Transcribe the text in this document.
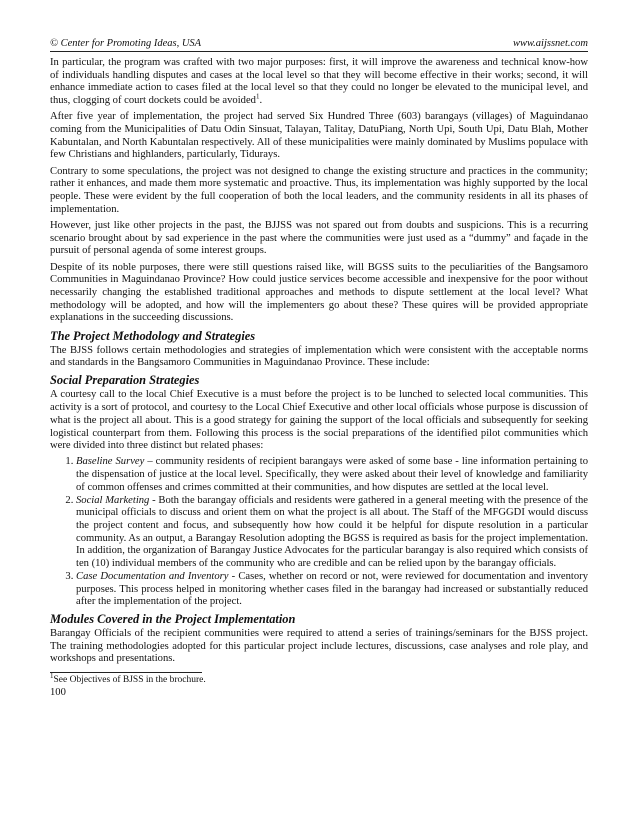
© Center for Promoting Ideas, USA	www.aijssnet.com

In particular, the program was crafted with two major purposes: first, it will improve the awareness and technical know-how of individuals handling disputes and cases at the local level so that they will become effective in their works; second, it will enhance immediate action to cases filed at the local level so that they could no longer be elevated to the municipal level, and thus, clogging of court dockets could be avoided$^1$.

After five year of implementation, the project had served Six Hundred Three (603) barangays (villages) of Maguindanao coming from the Municipalities of Datu Odin Sinsuat, Talayan, Talitay, DatuPiang, North Upi, South Upi, Datu Blah, Mother Kabuntalan, and North Kabuntalan respectively. All of these municipalities were mainly dominated by Muslims populace with few Christians and highlanders, particularly, Tidurays.

Contrary to some speculations, the project was not designed to change the existing structure and practices in the community; rather it enhances, and made them more systematic and proactive. Thus, its implementation was highly supported by the local people. These were evident by the full cooperation of both the local leaders, and the community residents in all its phases of implementation.

However, just like other projects in the past, the BJJSS was not spared out from doubts and suspicions. This is a recurring scenario brought about by sad experience in the past where the communities were just used as a “dummy” and façade in the pursuit of personal agenda of some interest groups.

Despite of its noble purposes, there were still questions raised like, will BGSS suits to the peculiarities of the Bangsamoro Communities in Maguindanao Province? How could justice services become accessible and inexpensive for the poor without necessarily changing the established traditional approaches and methods to dispute settlement at the local level? What methodology will be adopted, and how will the implementers go about these? These quires will be provided appropriate explanations in the succeeding discussions.

The Project Methodology and Strategies

The BJSS follows certain methodologies and strategies of implementation which were consistent with the acceptable norms and standards in the Bangsamoro Communities in Maguindanao Province. These include:

Social Preparation Strategies

A courtesy call to the local Chief Executive is a must before the project is to be lunched to selected local communities. This activity is a sort of protocol, and courtesy to the Local Chief Executive and other local officials whose purpose is discussion of what is the project all about. This is a good strategy for gaining the support of the local officials and subsequently for seeking logistical counterpart from them. Following this process is the social preparations of the identified pilot communities which were divided into three distinct but related phases:

1. Baseline Survey – community residents of recipient barangays were asked of some base - line information pertaining to the dispensation of justice at the local level. Specifically, they were asked about their level of knowledge and familiarity of common offenses and crimes committed at their communities, and how disputes are settled at the local level.
2. Social Marketing - Both the barangay officials and residents were gathered in a general meeting with the presence of the municipal officials to discuss and orient them on what the project is all about. The Staff of the MFGGDI would discuss the project content and focus, and subsequently how how could it be helpful for dispute resolution in a particular community. As an output, a Barangay Resolution adopting the BGSS is required as basis for the project implementation. In addition, the organization of Barangay Justice Advocates for the particular barangay is also required which consists of ten (10) individual members of the community who are credible and can be relied upon by the barangay officials.
3. Case Documentation and Inventory - Cases, whether on record or not, were reviewed for documentation and inventory purposes. This process helped in monitoring whether cases filed in the barangay had increased or substantially reduced after the implementation of the project.
Modules Covered in the Project Implementation

Barangay Officials of the recipient communities were required to attend a series of trainings/seminars for the BJSS project. The training methodologies adopted for this particular project include lectures, discussions, case analyses and role play, and workshops and presentations.

$^1$See Objectives of BJSS in the brochure.
100
